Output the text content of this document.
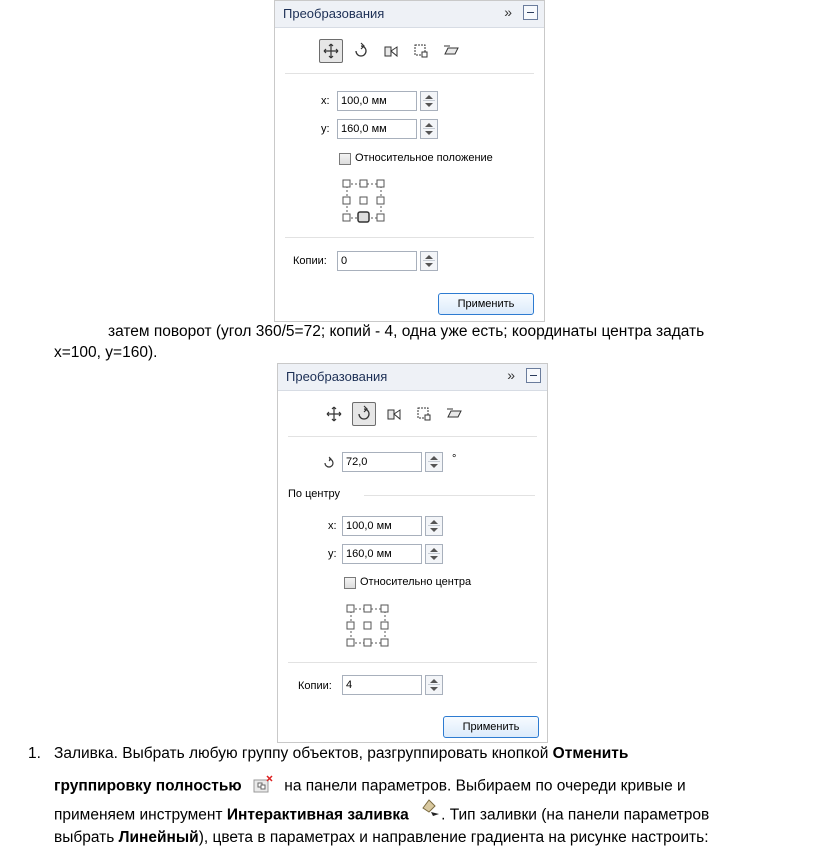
Преобразования	»
x: 100,0 мм
y: 160,0 мм
Относительное положение
Копии: 0
Применить
затем поворот (угол 360/5=72; копий - 4, одна уже есть; координаты центра задать
x=100, y=160).
Преобразования	»
72,0	°
По центру
x: 100,0 мм
y: 160,0 мм
Относительно центра
Копии: 4
Применить
1. Заливка. Выбрать любую группу объектов, разгруппировать кнопкой Отменить
группировку полностью  на панели параметров. Выбираем по очереди кривые и
применяем инструмент Интерактивная заливка . Тип заливки (на панели параметров
выбрать Линейный), цвета в параметрах и направление градиента на рисунке настроить:
